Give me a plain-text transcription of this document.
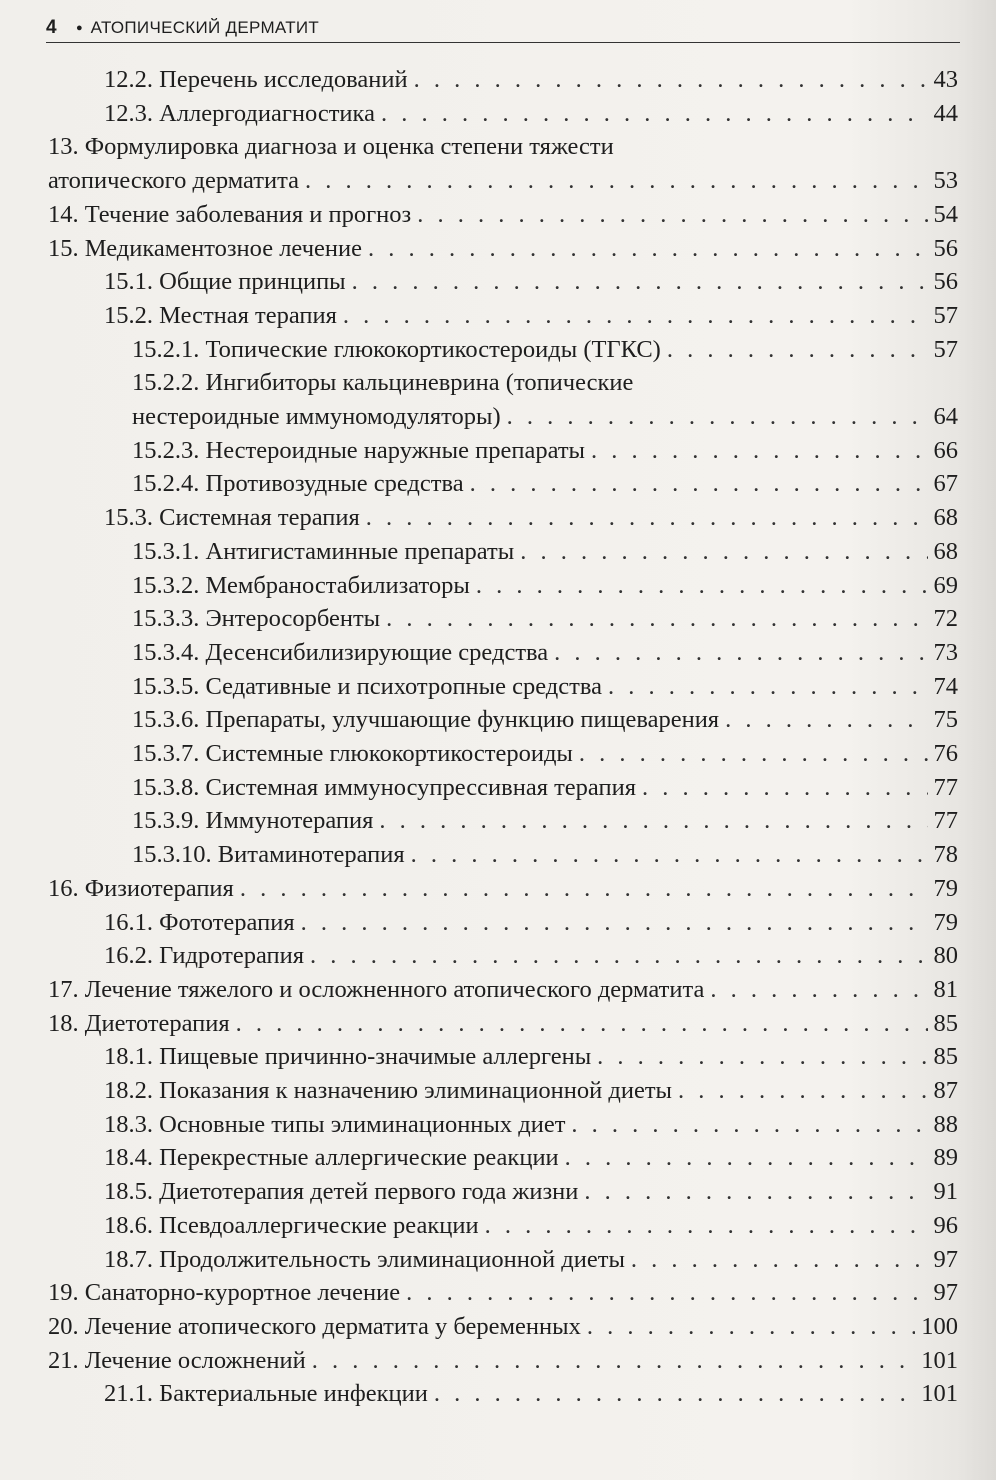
4	● АТОПИЧЕСКИЙ ДЕРМАТИТ
12.2. Перечень исследований . . .	43
12.3. Аллергодиагностика . . .	44
13. Формулировка диагноза и оценка степени тяжести
атопического дерматита . . .	53
14. Течение заболевания и прогноз . . .	54
15. Медикаментозное лечение . . .	56
15.1. Общие принципы . . .	56
15.2. Местная терапия . . .	57
15.2.1. Топические глюкокортикостероиды (ТГКС) . . .	57
15.2.2. Ингибиторы кальциневрина (топические
нестероидные иммуномодуляторы) . . .	64
15.2.3. Нестероидные наружные препараты . . .	66
15.2.4. Противозудные средства . . .	67
15.3. Системная терапия . . .	68
15.3.1. Антигистаминные препараты . . .	68
15.3.2. Мембраностабилизаторы . . .	69
15.3.3. Энтеросорбенты . . .	72
15.3.4. Десенсибилизирующие средства . . .	73
15.3.5. Седативные и психотропные средства . . .	74
15.3.6. Препараты, улучшающие функцию пищеварения . . .	75
15.3.7. Системные глюкокортикостероиды . . .	76
15.3.8. Системная иммуносупрессивная терапия . . .	77
15.3.9. Иммунотерапия . . .	77
15.3.10. Витаминотерапия . . .	78
16. Физиотерапия . . .	79
16.1. Фототерапия . . .	79
16.2. Гидротерапия . . .	80
17. Лечение тяжелого и осложненного атопического дерматита . . .	81
18. Диетотерапия . . .	85
18.1. Пищевые причинно-значимые аллергены . . .	85
18.2. Показания к назначению элиминационной диеты . . .	87
18.3. Основные типы элиминационных диет . . .	88
18.4. Перекрестные аллергические реакции . . .	89
18.5. Диетотерапия детей первого года жизни . . .	91
18.6. Псевдоаллергические реакции . . .	96
18.7. Продолжительность элиминационной диеты . . .	97
19. Санаторно-курортное лечение . . .	97
20. Лечение атопического дерматита у беременных . . .	100
21. Лечение осложнений . . .	101
21.1. Бактериальные инфекции . . .	101
